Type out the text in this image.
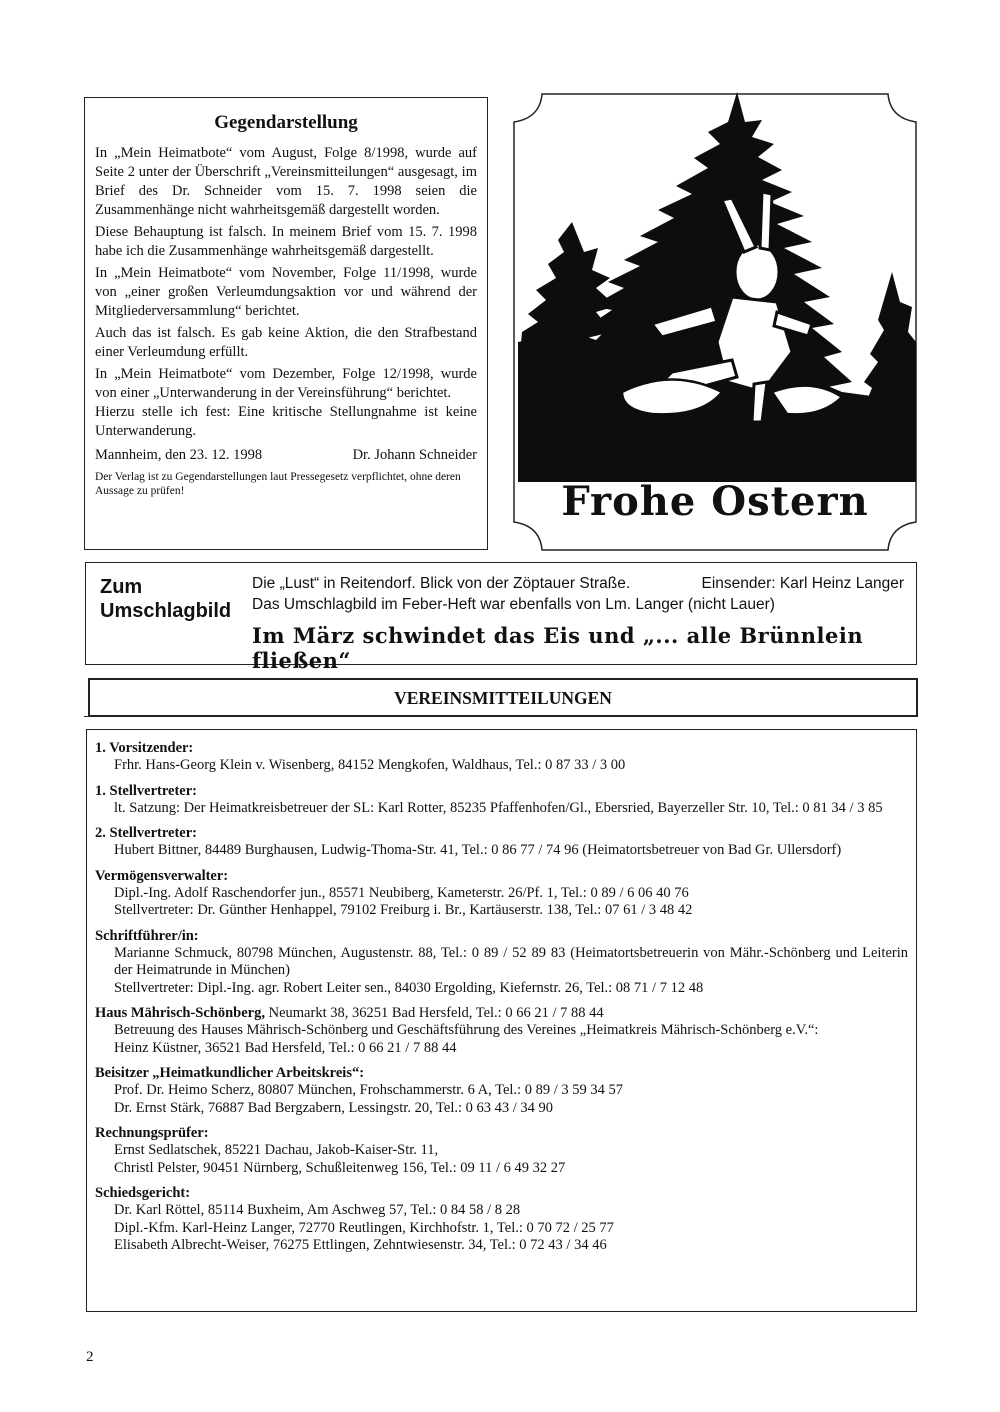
Gegendarstellung

In „Mein Heimatbote“ vom August, Folge 8/1998, wurde auf Seite 2 unter der Überschrift „Vereinsmitteilungen“ ausgesagt, im Brief des Dr. Schneider vom 15. 7. 1998 seien die Zusammenhänge nicht wahrheitsgemäß dargestellt worden.

Diese Behauptung ist falsch. In meinem Brief vom 15. 7. 1998 habe ich die Zusammenhänge wahrheitsgemäß dargestellt.

In „Mein Heimatbote“ vom November, Folge 11/1998, wurde von „einer großen Verleumdungsaktion vor und während der Mitgliederversammlung“ berichtet.

Auch das ist falsch. Es gab keine Aktion, die den Strafbestand einer Verleumdung erfüllt.

In „Mein Heimatbote“ vom Dezember, Folge 12/1998, wurde von einer „Unterwanderung in der Vereinsführung“ berichtet.

Hierzu stelle ich fest: Eine kritische Stellungnahme ist keine Unterwanderung.

Mannheim, den 23. 12. 1998	Dr. Johann Schneider
Der Verlag ist zu Gegendarstellungen laut Pressegesetz verpflichtet, ohne deren Aussage zu prüfen!	Frohe Ostern
Zum
Umschlagbild
Die „Lust“ in Reitendorf. Blick von der Zöptauer Straße.	Einsender: Karl Heinz Langer
Das Umschlagbild im Feber-Heft war ebenfalls von Lm. Langer (nicht Lauer)
Im März schwindet das Eis und „... alle Brünnlein fließen“
VEREINSMITTEILUNGEN
1. Vorsitzender:
Frhr. Hans-Georg Klein v. Wisenberg, 84152 Mengkofen, Waldhaus, Tel.: 0 87 33 / 3 00
1. Stellvertreter:
lt. Satzung: Der Heimatkreisbetreuer der SL: Karl Rotter, 85235 Pfaffenhofen/Gl., Ebersried, Bayerzeller Str. 10, Tel.: 0 81 34 / 3 85
2. Stellvertreter:
Hubert Bittner, 84489 Burghausen, Ludwig-Thoma-Str. 41, Tel.: 0 86 77 / 74 96 (Heimatortsbetreuer von Bad Gr. Ullersdorf)
Vermögensverwalter:
Dipl.-Ing. Adolf Raschendorfer jun., 85571 Neubiberg, Kameterstr. 26/Pf. 1, Tel.: 0 89 / 6 06 40 76
Stellvertreter: Dr. Günther Henhappel, 79102 Freiburg i. Br., Kartäuserstr. 138, Tel.: 07 61 / 3 48 42
Schriftführer/in:
Marianne Schmuck, 80798 München, Augustenstr. 88, Tel.: 0 89 / 52 89 83 (Heimatortsbetreuerin von Mähr.-Schönberg und Leiterin der Heimatrunde in München)
Stellvertreter: Dipl.-Ing. agr. Robert Leiter sen., 84030 Ergolding, Kiefernstr. 26, Tel.: 08 71 / 7 12 48
Haus Mährisch-Schönberg, Neumarkt 38, 36251 Bad Hersfeld, Tel.: 0 66 21 / 7 88 44
Betreuung des Hauses Mährisch-Schönberg und Geschäftsführung des Vereines „Heimatkreis Mährisch-Schönberg e.V.“:
Heinz Küstner, 36521 Bad Hersfeld, Tel.: 0 66 21 / 7 88 44
Beisitzer „Heimatkundlicher Arbeitskreis“:
Prof. Dr. Heimo Scherz, 80807 München, Frohschammerstr. 6 A, Tel.: 0 89 / 3 59 34 57
Dr. Ernst Stärk, 76887 Bad Bergzabern, Lessingstr. 20, Tel.: 0 63 43 / 34 90
Rechnungsprüfer:
Ernst Sedlatschek, 85221 Dachau, Jakob-Kaiser-Str. 11,
Christl Pelster, 90451 Nürnberg, Schußleitenweg 156, Tel.: 09 11 / 6 49 32 27
Schiedsgericht:
Dr. Karl Röttel, 85114 Buxheim, Am Aschweg 57, Tel.: 0 84 58 / 8 28
Dipl.-Kfm. Karl-Heinz Langer, 72770 Reutlingen, Kirchhofstr. 1, Tel.: 0 70 72 / 25 77
Elisabeth Albrecht-Weiser, 76275 Ettlingen, Zehntwiesenstr. 34, Tel.: 0 72 43 / 34 46
2
